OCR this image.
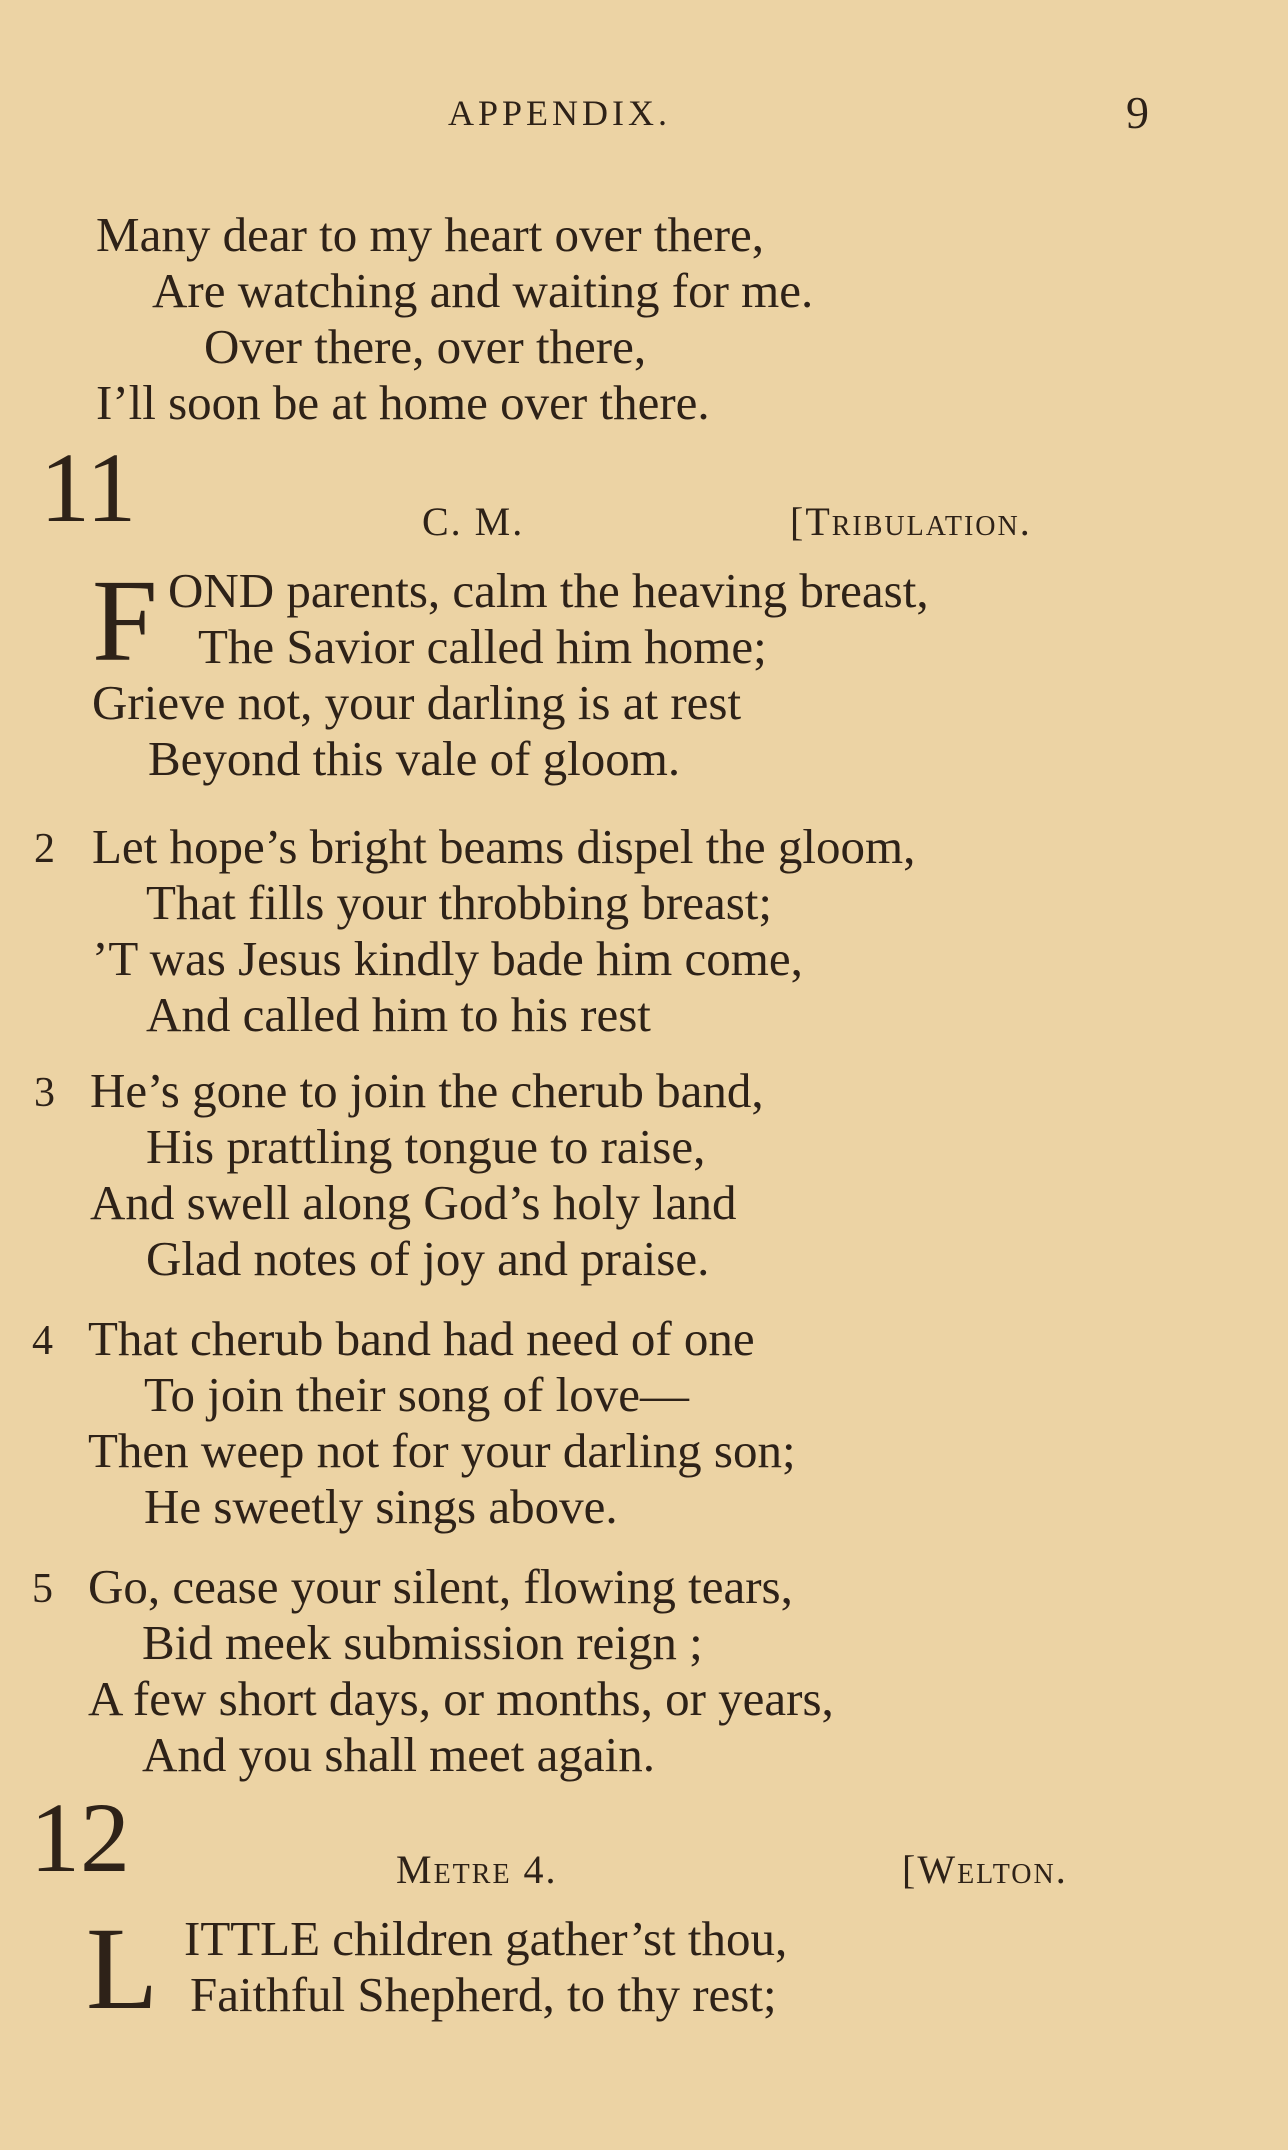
APPENDIX.	9
Many dear to my heart over there,
Are watching and waiting for me.
Over there, over there,
I’ll soon be at home over there.
11	C. M.	[Tribulation.
F OND parents, calm the heaving breast,
The Savior called him home;
Grieve not, your darling is at rest
Beyond this vale of gloom.
2 Let hope’s bright beams dispel the gloom,
That fills your throbbing breast;
’T was Jesus kindly bade him come,
And called him to his rest
3 He’s gone to join the cherub band,
His prattling tongue to raise,
And swell along God’s holy land
Glad notes of joy and praise.
4 That cherub band had need of one
To join their song of love—
Then weep not for your darling son;
He sweetly sings above.
5 Go, cease your silent, flowing tears,
Bid meek submission reign ;
A few short days, or months, or years,
And you shall meet again.
12	Metre 4.	[Welton.
L ITTLE children gather’st thou,
Faithful Shepherd, to thy rest;
